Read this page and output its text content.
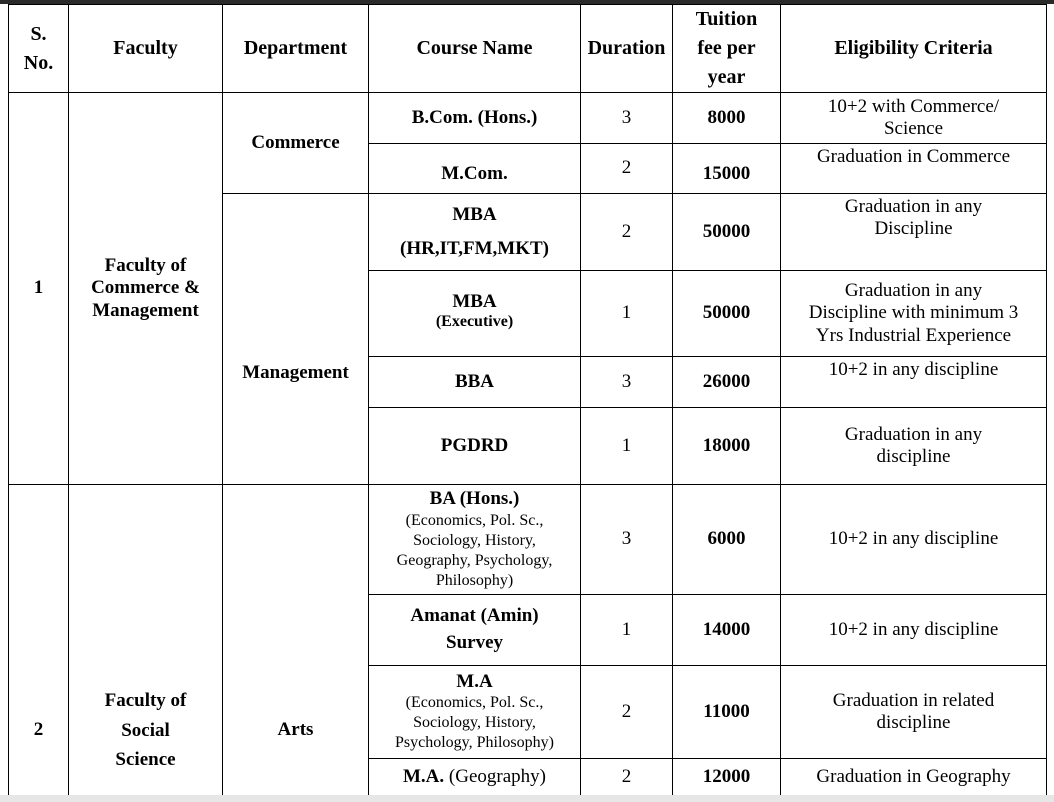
S.
No.	Faculty	Department	Course Name	Duration	Tuition
fee per
year	Eligibility Criteria
1	Faculty of
Commerce &
Management	Commerce	B.Com. (Hons.)	3	8000	10+2 with Commerce/
Science
			M.Com.	2	15000	Graduation in Commerce
		Management	MBA
(HR,IT,FM,MKT)	2	50000	Graduation in any
Discipline
			MBA
(Executive)	1	50000	Graduation in any
Discipline with minimum 3
Yrs Industrial Experience
			BBA	3	26000	10+2 in any discipline
			PGDRD	1	18000	Graduation in any
discipline
2	Faculty of
Social
Science	Arts	BA (Hons.)
(Economics, Pol. Sc.,
Sociology, History,
Geography, Psychology,
Philosophy)	3	6000	10+2 in any discipline
			Amanat (Amin)
Survey	1	14000	10+2 in any discipline
			M.A
(Economics, Pol. Sc.,
Sociology, History,
Psychology, Philosophy)	2	11000	Graduation in related
discipline
			M.A. (Geography)	2	12000	Graduation in Geography
